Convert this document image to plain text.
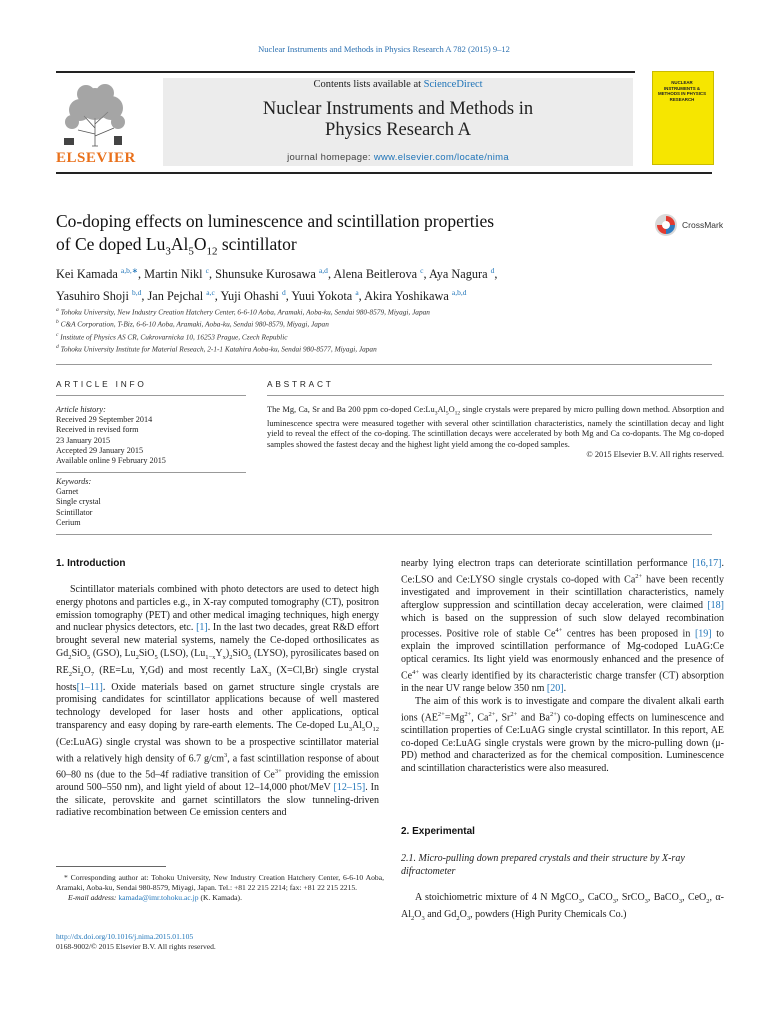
Nuclear Instruments and Methods in Physics Research A 782 (2015) 9–12
ELSEVIER
Contents lists available at ScienceDirect
Nuclear Instruments and Methods in
Physics Research A
journal homepage: www.elsevier.com/locate/nima
NUCLEAR INSTRUMENTS & METHODS IN PHYSICS RESEARCH
Co-doping effects on luminescence and scintillation properties
of Ce doped $Lu_3Al_5O_{12}$ scintillator
CrossMark
Kei Kamada $^{a,b,∗}$, Martin Nikl $^c$, Shunsuke Kurosawa $^{a,d}$, Alena Beitlerova $^c$, Aya Nagura $^d$,
Yasuhiro Shoji $^{b,d}$, Jan Pejchal $^{a,c}$, Yuji Ohashi $^d$, Yuui Yokota $^a$, Akira Yoshikawa $^{a,b,d}$
$^a$ Tohoku University, New Industry Creation Hatchery Center, 6-6-10 Aoba, Aramaki, Aoba-ku, Sendai 980-8579, Miyagi, Japan
$^b$ C&A Corporation, T-Biz, 6-6-10 Aoba, Aramaki, Aoba-ku, Sendai 980-8579, Miyagi, Japan
$^c$ Institute of Physics AS CR, Cukrovarnicka 10, 16253 Prague, Czech Republic
$^d$ Tohoku University Institute for Material Reseach, 2-1-1 Katahira Aoba-ku, Sendai 980-8577, Miyagi, Japan
ARTICLE INFO	ABSTRACT
Article history:
Received 29 September 2014
Received in revised form
23 January 2015
Accepted 29 January 2015
Available online 9 February 2015
Keywords:
Garnet
Single crystal
Scintillator
Cerium
The Mg, Ca, Sr and Ba 200 ppm co-doped $Ce:Lu_3Al_5O_{12}$ single crystals were prepared by micro pulling down method. Absorption and luminescence spectra were measured together with several other scintillation characteristics, namely the scintillation decay and light yield to reveal the effect of the co-doping. The scintillation decays were accelerated by both Mg and Ca co-dopants. The Mg co-doped samples showed the fastest decay and the highest light yield among the co-doped samples.
© 2015 Elsevier B.V. All rights reserved.
1. Introduction

Scintillator materials combined with photo detectors are used to detect high energy photons and particles e.g., in X-ray computed tomography (CT), positron emission tomography (PET) and other medical imaging techniques, high energy and nuclear physics detectors, etc. [1]. In the last two decades, great R&D effort brought several new material systems, namely the Ce-doped orthosilicates as $Gd_2SiO_5$ (GSO), $Lu_2SiO_5$ (LSO), $(Lu_{1-x}Y_x)_2SiO_5$ (LYSO), pyrosilicates based on $RE_2Si_2O_7$ (RE=Lu, Y,Gd) and most recently LaX$_3$ (X=Cl,Br) single crystal hosts[1–11]. Oxide materials based on garnet structure single crystals are promising candidates for scintillator applications because of well mastered technology developed for laser hosts and other applications, optical transparency and easy doping by rare-earth elements. The Ce-doped $Lu_3Al_5O_{12}$ (Ce:LuAG) single crystal was shown to be a prospective scintillator material with a relatively high density of 6.7 $g/cm^3$, a fast scintillation response of about 60–80 ns (due to the 5d–4f radiative transition of $Ce^{3+}$ providing the emission around 500–550 nm), and light yield of about 12–14,000 phot/MeV [12–15]. In the silicate, perovskite and garnet scintillators the slow tunneling-driven radiative recombination between Ce emission centers and

* Corresponding author at: Tohoku University, New Industry Creation Hatchery Center, 6-6-10 Aoba, Aramaki, Aoba-ku, Sendai 980-8579, Miyagi, Japan. Tel.: +81 22 215 2214; fax: +81 22 215 2215.
E-mail address: kamada@imr.tohoku.ac.jp (K. Kamada).
http://dx.doi.org/10.1016/j.nima.2015.01.105
0168-9002/© 2015 Elsevier B.V. All rights reserved.

nearby lying electron traps can deteriorate scintillation performance [16,17]. Ce:LSO and Ce:LYSO single crystals co-doped with $Ca^{2+}$ have been recently investigated and improvement in their scintillation characteristics, namely afterglow suppression and scintillation decay acceleration, were claimed [18] which is based on the suppression of such slow delayed recombination processes. Positive role of stable $Ce^{4+}$ centres has been proposed in [19] to explain the improved scintillation performance of Mg-codoped LuAG:Ce optical ceramics. Its light yield was enormously enhanced and the presence of $Ce^{4+}$ was clearly identified by its characteristic charge transfer (CT) absorption in the near UV range below 350 nm [20].

The aim of this work is to investigate and compare the divalent alkali earth ions ($AE^{2+}=Mg^{2+}$, $Ca^{2+}$, $Sr^{2+}$ and $Ba^{2+}$) co-doping effects on luminescence and scintillation properties of Ce:LuAG single crystal scintillator. In this report, AE co-doped Ce:LuAG single crystals were grown by the micro-pulling down (μ-PD) method and characterized as for the chemical composition. Luminescence and scintillation characteristics were also measured.

2. Experimental
2.1. Micro-pulling down prepared crystals and their structure by X-ray difractometer

A stoichiometric mixture of 4 N MgCO$_3$, CaCO$_3$, SrCO$_3$, BaCO$_3$, CeO$_2$, $\alpha-Al_2O_3$ and $Gd_2O_3$, powders (High Purity Chemicals Co.)
